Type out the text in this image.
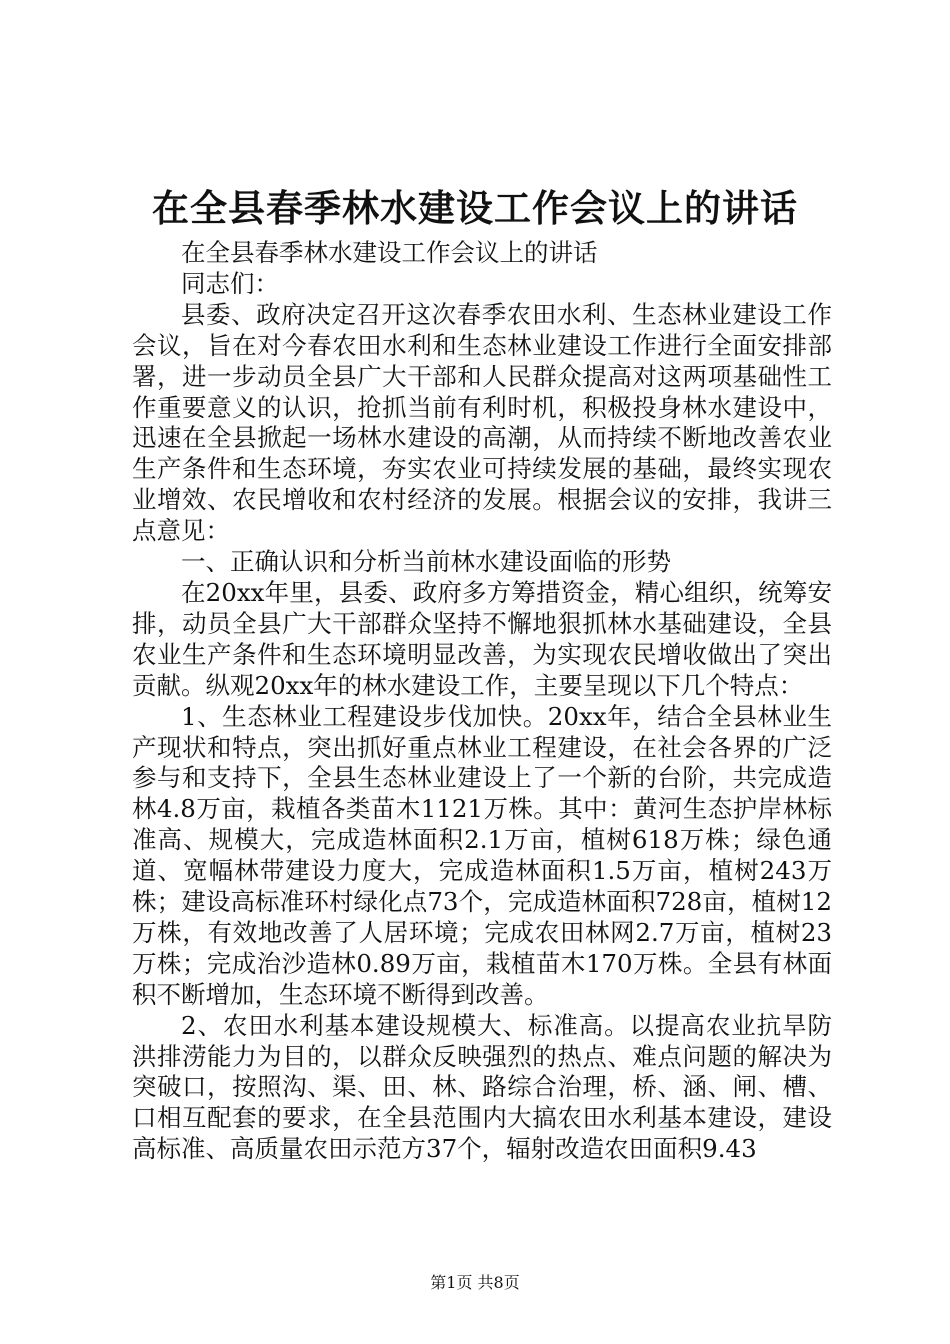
在全县春季林水建设工作会议上的讲话

在全县春季林水建设工作会议上的讲话

同志们：

县委、政府决定召开这次春季农田水利、生态林业建设工作会议，旨在对今春农田水利和生态林业建设工作进行全面安排部署，进一步动员全县广大干部和人民群众提高对这两项基础性工作重要意义的认识，抢抓当前有利时机，积极投身林水建设中，迅速在全县掀起一场林水建设的高潮，从而持续不断地改善农业生产条件和生态环境，夯实农业可持续发展的基础，最终实现农业增效、农民增收和农村经济的发展。根据会议的安排，我讲三点意见：

一、正确认识和分析当前林水建设面临的形势

在20xx年里，县委、政府多方筹措资金，精心组织，统筹安排，动员全县广大干部群众坚持不懈地狠抓林水基础建设，全县农业生产条件和生态环境明显改善，为实现农民增收做出了突出贡献。纵观20xx年的林水建设工作，主要呈现以下几个特点：

1、生态林业工程建设步伐加快。20xx年，结合全县林业生产现状和特点，突出抓好重点林业工程建设，在社会各界的广泛参与和支持下，全县生态林业建设上了一个新的台阶，共完成造林4.8万亩，栽植各类苗木1121万株。其中：黄河生态护岸林标准高、规模大，完成造林面积2.1万亩，植树618万株；绿色通道、宽幅林带建设力度大，完成造林面积1.5万亩，植树243万株；建设高标准环村绿化点73个，完成造林面积728亩，植树12万株，有效地改善了人居环境；完成农田林网2.7万亩，植树23万株；完成治沙造林0.89万亩，栽植苗木170万株。全县有林面积不断增加，生态环境不断得到改善。

2、农田水利基本建设规模大、标准高。以提高农业抗旱防洪排涝能力为目的，以群众反映强烈的热点、难点问题的解决为突破口，按照沟、渠、田、林、路综合治理，桥、涵、闸、槽、口相互配套的要求，在全县范围内大搞农田水利基本建设，建设高标准、高质量农田示范方37个，辐射改造农田面积9.43

第1页 共8页
